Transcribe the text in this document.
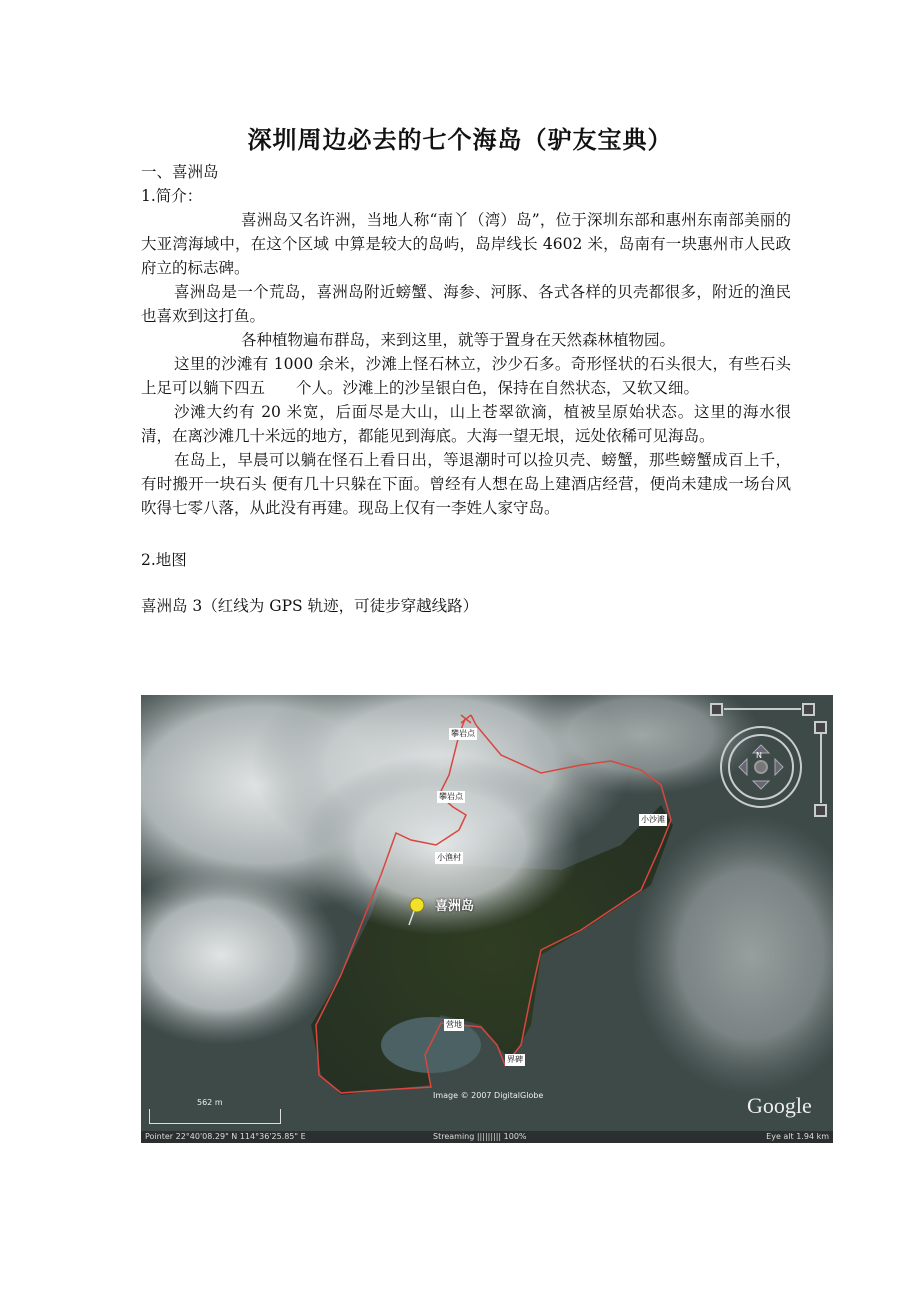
深圳周边必去的七个海岛（驴友宝典）

一、喜洲岛

1.简介：

喜洲岛又名许洲，当地人称“南丫（湾）岛”，位于深圳东部和惠州东南部美丽的大亚湾海域中，在这个区域 中算是较大的岛屿，岛岸线长 4602 米，岛南有一块惠州市人民政府立的标志碑。

喜洲岛是一个荒岛，喜洲岛附近螃蟹、海参、河豚、各式各样的贝壳都很多，附近的渔民也喜欢到这打鱼。

各种植物遍布群岛，来到这里，就等于置身在天然森林植物园。

这里的沙滩有 1000 余米，沙滩上怪石林立，沙少石多。奇形怪状的石头很大，有些石头上足可以躺下四五　　个人。沙滩上的沙呈银白色，保持在自然状态，又软又细。

沙滩大约有 20 米宽，后面尽是大山，山上苍翠欲滴，植被呈原始状态。这里的海水很清，在离沙滩几十米远的地方，都能见到海底。大海一望无垠，远处依稀可见海岛。

在岛上，早晨可以躺在怪石上看日出，等退潮时可以捡贝壳、螃蟹，那些螃蟹成百上千，有时搬开一块石头 便有几十只躲在下面。曾经有人想在岛上建酒店经营，便尚未建成一场台风吹得七零八落，从此没有再建。现岛上仅有一李姓人家守岛。

2.地图

喜洲岛 3（红线为 GPS 轨迹，可徒步穿越线路）

攀岩点
攀岩点
小渔村
小沙滩
营地
界碑
喜洲岛
N
Image © 2007 DigitalGlobe	Google
562 m
Pointer 22°40'08.29" N 114°36'25.85" E	Streaming ||||||||| 100%	Eye alt 1.94 km
